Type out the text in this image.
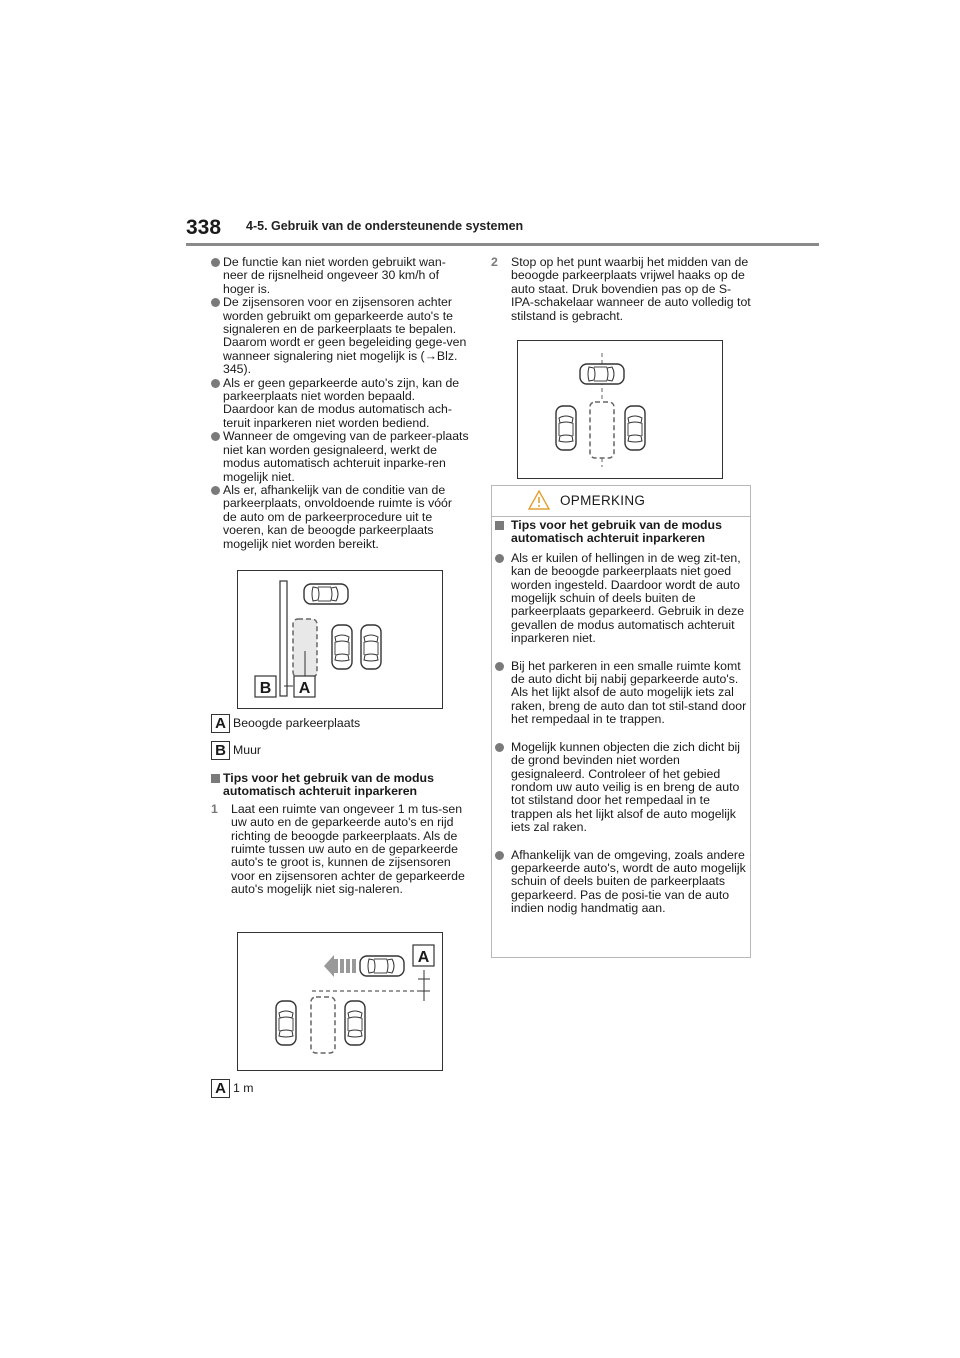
338 4-5. Gebruik van de ondersteunende systemen
De functie kan niet worden gebruikt wan-neer de rijsnelheid ongeveer 30 km/h of hoger is.
De zijsensoren voor en zijsensoren achter worden gebruikt om geparkeerde auto's te signaleren en de parkeerplaats te bepalen. Daarom wordt er geen begeleiding gege-ven wanneer signalering niet mogelijk is (→Blz. 345).
Als er geen geparkeerde auto's zijn, kan de parkeerplaats niet worden bepaald. Daardoor kan de modus automatisch ach-teruit inparkeren niet worden bediend.
Wanneer de omgeving van de parkeer-plaats niet kan worden gesignaleerd, werkt de modus automatisch achteruit inparke-ren mogelijk niet.
Als er, afhankelijk van de conditie van de parkeerplaats, onvoldoende ruimte is vóór de auto om de parkeerprocedure uit te voeren, kan de beoogde parkeerplaats mogelijk niet worden bereikt.
B A
A Beoogde parkeerplaats
B Muur
Tips voor het gebruik van de modus automatisch achteruit inparkeren
1 Laat een ruimte van ongeveer 1 m tus-sen uw auto en de geparkeerde auto's en rijd richting de beoogde parkeerplaats. Als de ruimte tussen uw auto en de geparkeerde auto's te groot is, kunnen de zijsensoren voor en zijsensoren achter de geparkeerde auto's mogelijk niet sig-naleren.
A
A 1 m
2 Stop op het punt waarbij het midden van de beoogde parkeerplaats vrijwel haaks op de auto staat. Druk bovendien pas op de S-IPA-schakelaar wanneer de auto volledig tot stilstand is gebracht.
OPMERKING
Tips voor het gebruik van de modus automatisch achteruit inparkeren
Als er kuilen of hellingen in de weg zit-ten, kan de beoogde parkeerplaats niet goed worden ingesteld. Daardoor wordt de auto mogelijk schuin of deels buiten de parkeerplaats geparkeerd. Gebruik in deze gevallen de modus automatisch achteruit inparkeren niet.
Bij het parkeren in een smalle ruimte komt de auto dicht bij nabij geparkeerde auto's. Als het lijkt alsof de auto mogelijk iets zal raken, breng de auto dan tot stil-stand door het rempedaal in te trappen.
Mogelijk kunnen objecten die zich dicht bij de grond bevinden niet worden gesignaleerd. Controleer of het gebied rondom uw auto veilig is en breng de auto tot stilstand door het rempedaal in te trappen als het lijkt alsof de auto mogelijk iets zal raken.
Afhankelijk van de omgeving, zoals andere geparkeerde auto's, wordt de auto mogelijk schuin of deels buiten de parkeerplaats geparkeerd. Pas de posi-tie van de auto indien nodig handmatig aan.
